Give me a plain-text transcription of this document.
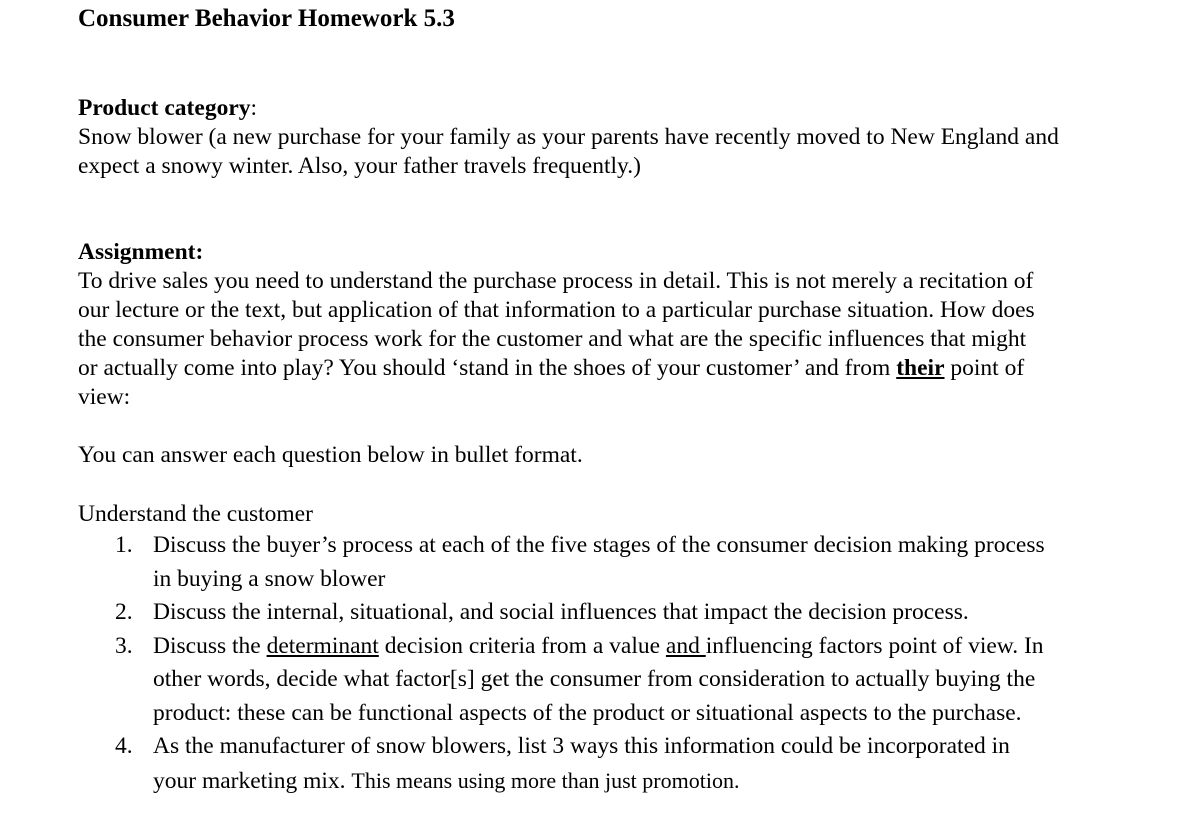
Consumer Behavior Homework 5.3
Product category:
Snow blower (a new purchase for your family as your parents have recently moved to New England and expect a snowy winter. Also, your father travels frequently.)
Assignment:
To drive sales you need to understand the purchase process in detail. This is not merely a recitation of our lecture or the text, but application of that information to a particular purchase situation. How does the consumer behavior process work for the customer and what are the specific influences that might or actually come into play? You should ‘stand in the shoes of your customer’ and from their point of view:
You can answer each question below in bullet format.
Understand the customer
1. Discuss the buyer’s process at each of the five stages of the consumer decision making process in buying a snow blower
2. Discuss the internal, situational, and social influences that impact the decision process.
3. Discuss the determinant decision criteria from a value and influencing factors point of view. In other words, decide what factor[s] get the consumer from consideration to actually buying the product: these can be functional aspects of the product or situational aspects to the purchase.
4. As the manufacturer of snow blowers, list 3 ways this information could be incorporated in your marketing mix. This means using more than just promotion.
